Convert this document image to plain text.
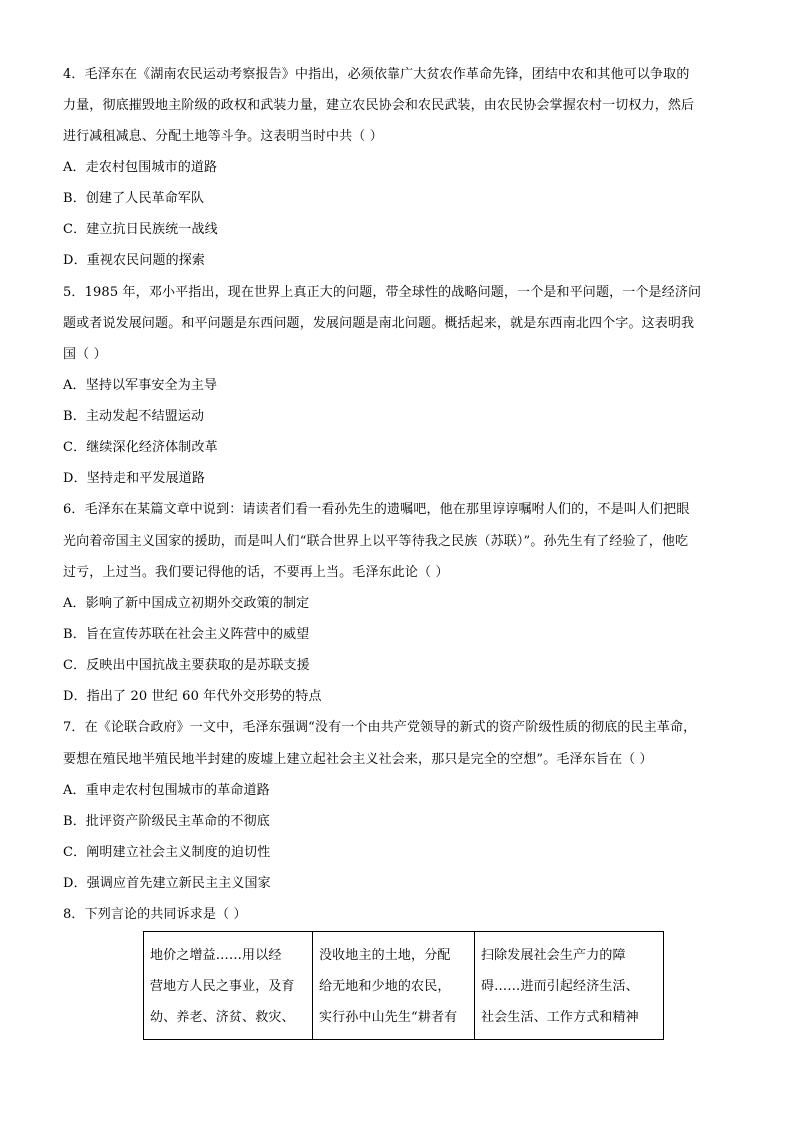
4．毛泽东在《湖南农民运动考察报告》中指出，必须依靠广大贫农作革命先锋，团结中农和其他可以争取的
力量，彻底摧毁地主阶级的政权和武装力量，建立农民协会和农民武装，由农民协会掌握农村一切权力，然后
进行减租减息、分配土地等斗争。这表明当时中共（ ）
A．走农村包围城市的道路
B．创建了人民革命军队
C．建立抗日民族统一战线
D．重视农民问题的探索
5．1985 年，邓小平指出，现在世界上真正大的问题，带全球性的战略问题，一个是和平问题，一个是经济问
题或者说发展问题。和平问题是东西问题，发展问题是南北问题。概括起来，就是东西南北四个字。这表明我
国（ ）
A．坚持以军事安全为主导
B．主动发起不结盟运动
C．继续深化经济体制改革
D．坚持走和平发展道路
6．毛泽东在某篇文章中说到：请读者们看一看孙先生的遗嘱吧，他在那里谆谆嘱咐人们的，不是叫人们把眼
光向着帝国主义国家的援助，而是叫人们“联合世界上以平等待我之民族（苏联）”。孙先生有了经验了，他吃
过亏，上过当。我们要记得他的话，不要再上当。毛泽东此论（ ）
A．影响了新中国成立初期外交政策的制定
B．旨在宣传苏联在社会主义阵营中的威望
C．反映出中国抗战主要获取的是苏联支援
D．指出了 20 世纪 60 年代外交形势的特点
7．在《论联合政府》一文中，毛泽东强调“没有一个由共产党领导的新式的资产阶级性质的彻底的民主革命，
要想在殖民地半殖民地半封建的废墟上建立起社会主义社会来，那只是完全的空想”。毛泽东旨在（ ）
A．重申走农村包围城市的革命道路
B．批评资产阶级民主革命的不彻底
C．阐明建立社会主义制度的迫切性
D．强调应首先建立新民主主义国家
8．下列言论的共同诉求是（ ）
地价之增益……用以经
营地方人民之事业，及育
幼、养老、济贫、救灾、

没收地主的土地，分配
给无地和少地的农民，
实行孙中山先生“耕者有

扫除发展社会生产力的障
碍……进而引起经济生活、
社会生活、工作方式和精神
